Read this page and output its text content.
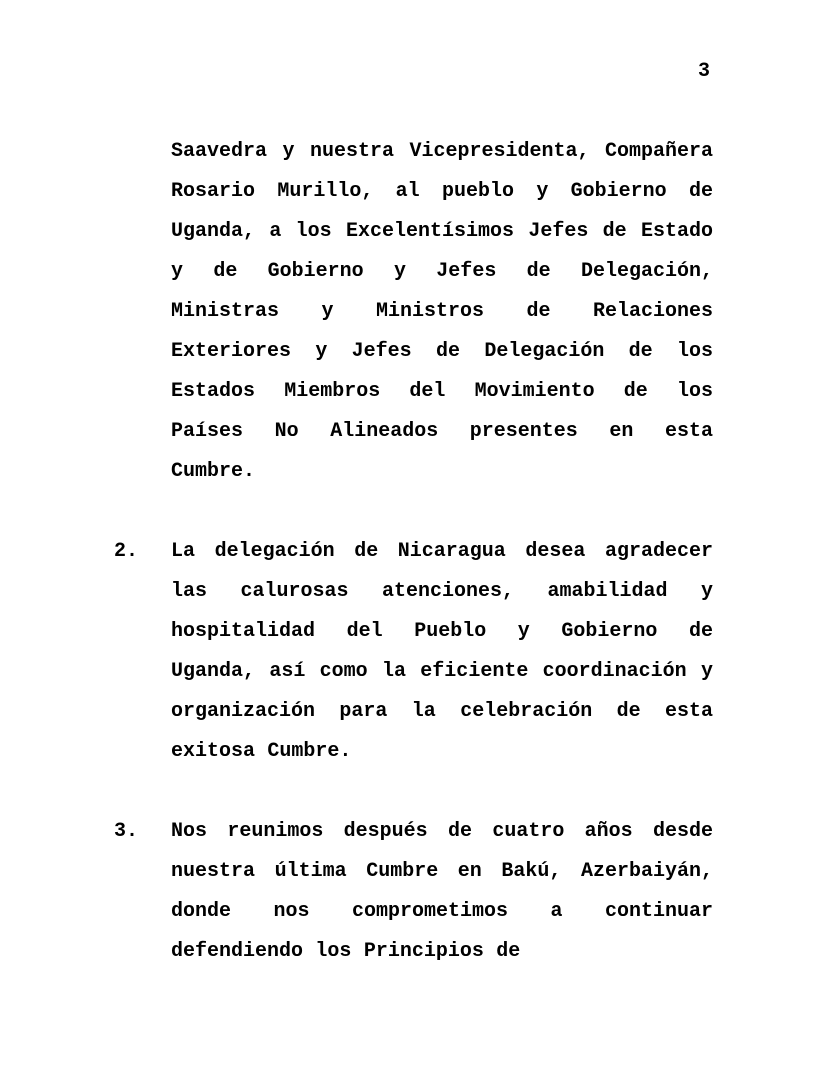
3
Saavedra y nuestra Vicepresidenta, Compañera Rosario Murillo, al pueblo y Gobierno de Uganda, a los Excelentísimos Jefes de Estado y de Gobierno y Jefes de Delegación, Ministras y Ministros de Relaciones Exteriores y Jefes de Delegación de los Estados Miembros del Movimiento de los Países No Alineados presentes en esta Cumbre.
2.	La delegación de Nicaragua desea agradecer las calurosas atenciones, amabilidad y hospitalidad del Pueblo y Gobierno de Uganda, así como la eficiente coordinación y organización para la celebración de esta exitosa Cumbre.
3.	Nos reunimos después de cuatro años desde nuestra última Cumbre en Bakú, Azerbaiyán, donde nos comprometimos a continuar defendiendo los Principios de
